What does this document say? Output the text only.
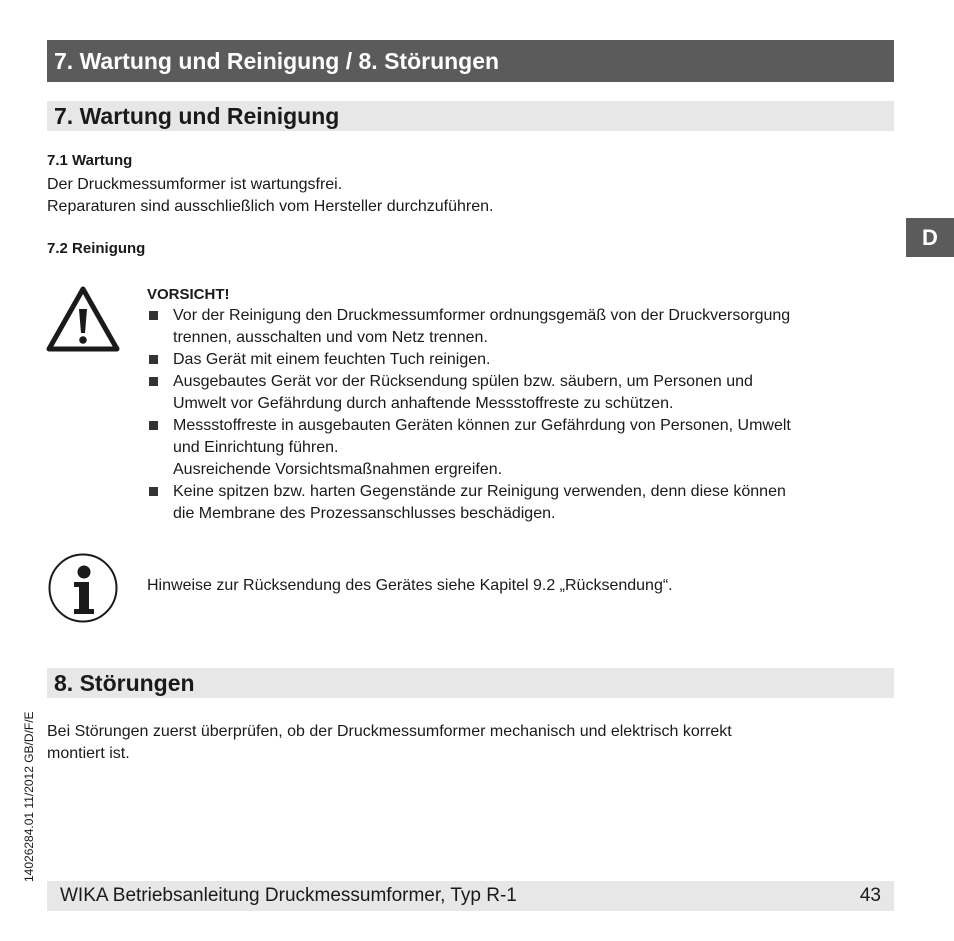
7. Wartung und Reinigung / 8. Störungen
7. Wartung und Reinigung
D
7.1 Wartung
Der Druckmessumformer ist wartungsfrei.
Reparaturen sind ausschließlich vom Hersteller durchzuführen.
7.2 Reinigung
VORSICHT!
Vor der Reinigung den Druckmessumformer ordnungsgemäß von der Druckversorgung
trennen, ausschalten und vom Netz trennen.
Das Gerät mit einem feuchten Tuch reinigen.
Ausgebautes Gerät vor der Rücksendung spülen bzw. säubern, um Personen und
Umwelt vor Gefährdung durch anhaftende Messstoffreste zu schützen.
Messstoffreste in ausgebauten Geräten können zur Gefährdung von Personen, Umwelt
und Einrichtung führen.
Ausreichende Vorsichtsmaßnahmen ergreifen.
Keine spitzen bzw. harten Gegenstände zur Reinigung verwenden, denn diese können
die Membrane des Prozessanschlusses beschädigen.
Hinweise zur Rücksendung des Gerätes siehe Kapitel 9.2 „Rücksendung“.
8. Störungen
Bei Störungen zuerst überprüfen, ob der Druckmessumformer mechanisch und elektrisch korrekt
montiert ist.
14026284.01 11/2012 GB/D/F/E
WIKA Betriebsanleitung Druckmessumformer, Typ R-1	43
